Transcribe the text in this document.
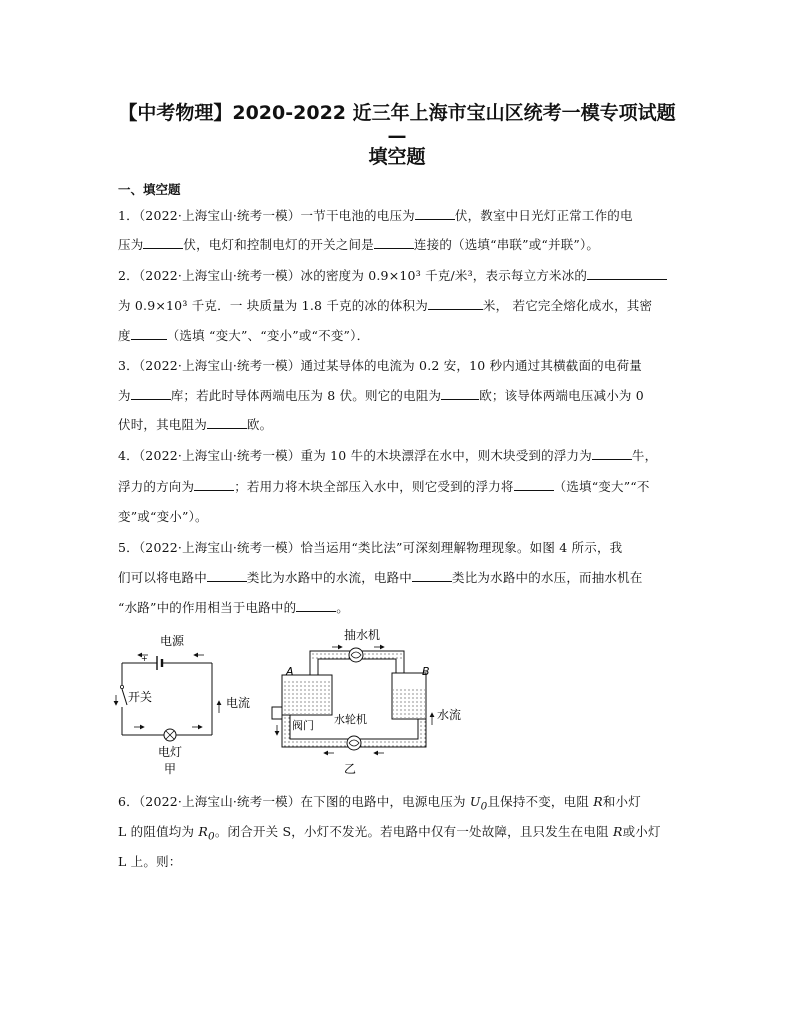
【中考物理】2020-2022 近三年上海市宝山区统考一模专项试题—
填空题
一、填空题
1．（2022·上海宝山·统考一模）一节干电池的电压为	伏，教室中日光灯正常工作的电
压为	伏，电灯和控制电灯的开关之间是	连接的（选填“串联”或“并联”）。
2．（2022·上海宝山·统考一模）冰的密度为 0.9×10³ 千克/米³，表示每立方米冰的
为 0.9×10³ 千克．一 块质量为 1.8 千克的冰的体积为	米， 若它完全熔化成水，其密
度	（选填 “变大”、“变小”或“不变”）．
3．（2022·上海宝山·统考一模）通过某导体的电流为 0.2 安，10 秒内通过其横截面的电荷量
为	库；若此时导体两端电压为 8 伏。则它的电阻为	欧；该导体两端电压减小为 0
伏时，其电阻为	欧。
4．（2022·上海宝山·统考一模）重为 10 牛的木块漂浮在水中，则木块受到的浮力为	牛，
浮力的方向为	；若用力将木块全部压入水中，则它受到的浮力将	（选填“变大”“不
变”或“变小”）。
5．（2022·上海宝山·统考一模）恰当运用“类比法”可深刻理解物理现象。如图 4 所示，我
们可以将电路中	类比为水路中的水流，电路中	类比为水路中的水压，而抽水机在
“水路”中的作用相当于电路中的	。
电源
+
电流
电灯
甲
开关
抽水机
A	B
阀门 水轮机	水流
乙
6．（2022·上海宝山·统考一模）在下图的电路中，电源电压为 $U_0$且保持不变，电阻 R和小灯
L 的阻值均为 $R_0$。闭合开关 S，小灯不发光。若电路中仅有一处故障，且只发生在电阻 R或小灯
L 上。则：
